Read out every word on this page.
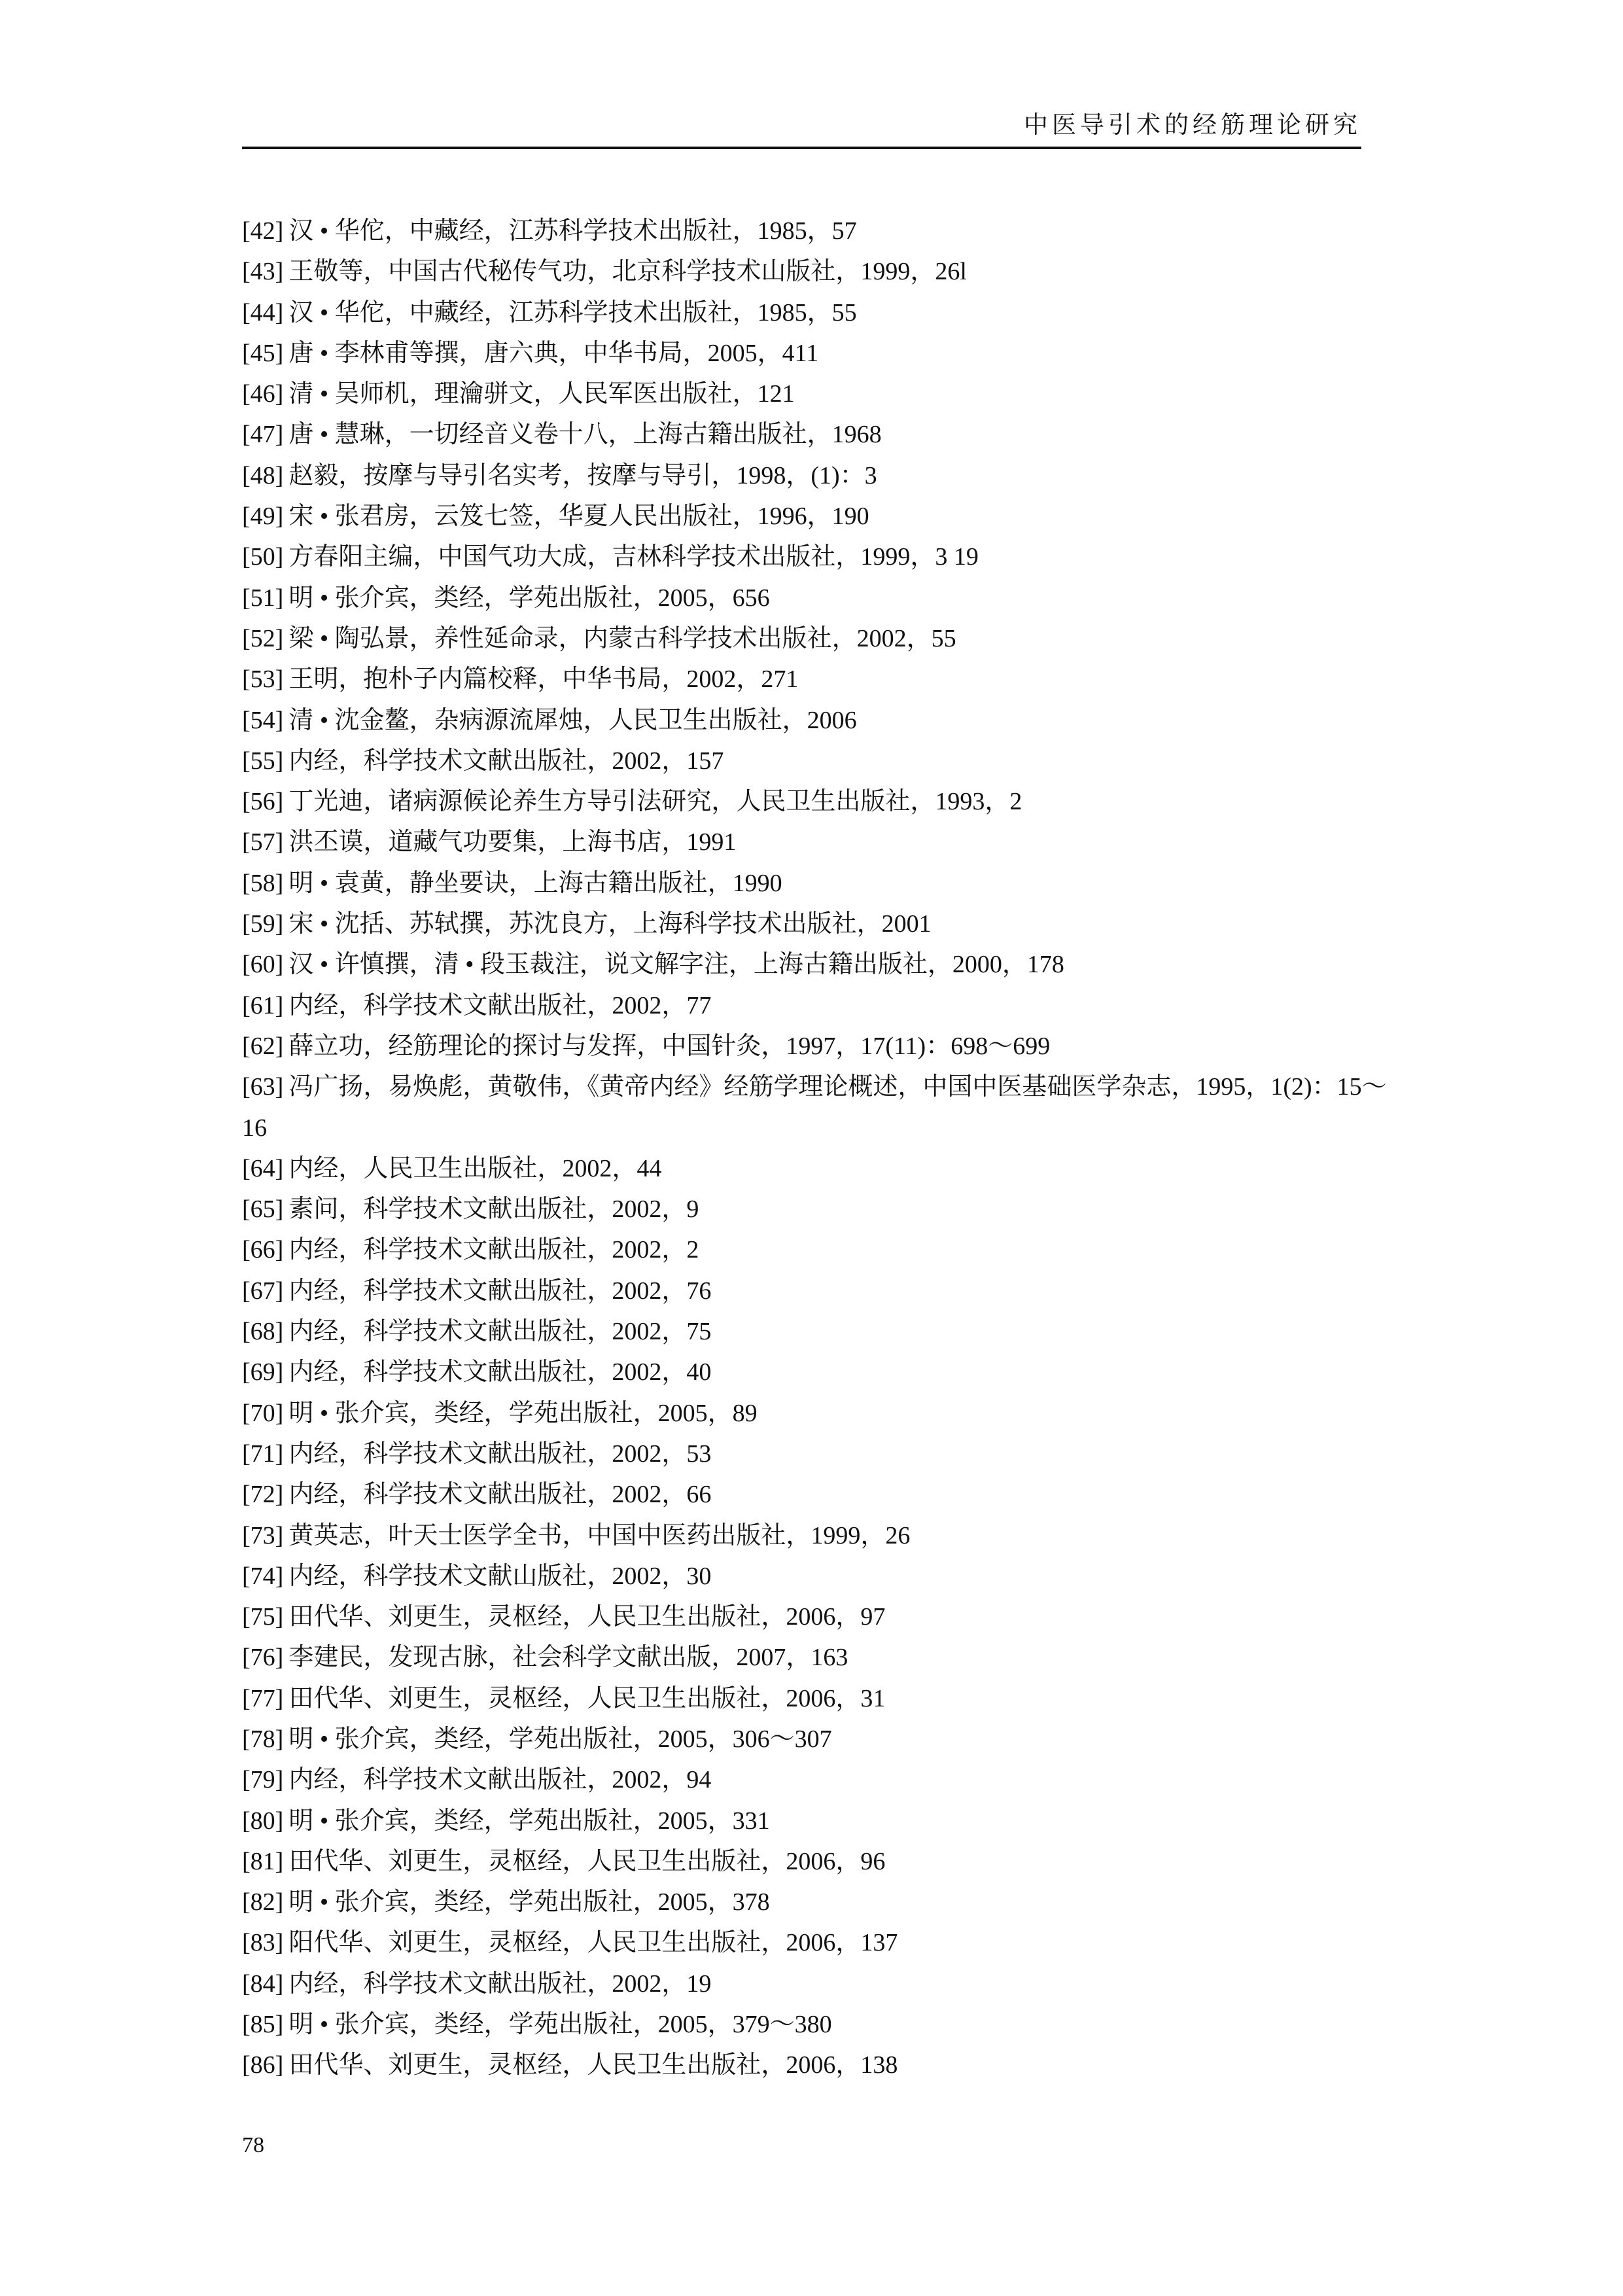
中医导引术的经筋理论研究
[42] 汉 • 华佗，中藏经，江苏科学技术出版社，1985，57
[43] 王敬等，中国古代秘传气功，北京科学技术山版社，1999，26l
[44] 汉 • 华佗，中藏经，江苏科学技术出版社，1985，55
[45] 唐 • 李林甫等撰，唐六典，中华书局，2005，411
[46] 清 • 吴师机，理瀹骈文，人民军医出版社，121
[47] 唐 • 慧琳，一切经音义卷十八，上海古籍出版社，1968
[48] 赵毅，按摩与导引名实考，按摩与导引，1998，(1)：3
[49] 宋 • 张君房，云笈七签，华夏人民出版社，1996，190
[50] 方春阳主编，中国气功大成，吉林科学技术出版社，1999，3 19
[51] 明 • 张介宾，类经，学苑出版社，2005，656
[52] 梁 • 陶弘景，养性延命录，内蒙古科学技术出版社，2002，55
[53] 王明，抱朴子内篇校释，中华书局，2002，271
[54] 清 • 沈金鳌，杂病源流犀烛，人民卫生出版社，2006
[55] 内经，科学技术文献出版社，2002，157
[56] 丁光迪，诸病源候论养生方导引法研究，人民卫生出版社，1993，2
[57] 洪丕谟，道藏气功要集，上海书店，1991
[58] 明 • 袁黄，静坐要诀，上海古籍出版社，1990
[59] 宋 • 沈括、苏轼撰，苏沈良方，上海科学技术出版社，2001
[60] 汉 • 许慎撰，清 • 段玉裁注，说文解字注，上海古籍出版社，2000，178
[61] 内经，科学技术文献出版社，2002，77
[62] 薛立功，经筋理论的探讨与发挥，中国针灸，1997，17(11)：698～699
[63] 冯广扬，易焕彪，黄敬伟，《黄帝内经》经筋学理论概述，中国中医基础医学杂志，1995，1(2)：15～16
[64] 内经，人民卫生出版社，2002，44
[65] 素问，科学技术文献出版社，2002，9
[66] 内经，科学技术文献出版社，2002，2
[67] 内经，科学技术文献出版社，2002，76
[68] 内经，科学技术文献出版社，2002，75
[69] 内经，科学技术文献出版社，2002，40
[70] 明 • 张介宾，类经，学苑出版社，2005，89
[71] 内经，科学技术文献出版社，2002，53
[72] 内经，科学技术文献出版社，2002，66
[73] 黄英志，叶天士医学全书，中国中医药出版社，1999，26
[74] 内经，科学技术文献山版社，2002，30
[75] 田代华、刘更生，灵枢经，人民卫生出版社，2006，97
[76] 李建民，发现古脉，社会科学文献出版，2007，163
[77] 田代华、刘更生，灵枢经，人民卫生出版社，2006，31
[78] 明 • 张介宾，类经，学苑出版社，2005，306～307
[79] 内经，科学技术文献出版社，2002，94
[80] 明 • 张介宾，类经，学苑出版社，2005，331
[81] 田代华、刘更生，灵枢经，人民卫生出版社，2006，96
[82] 明 • 张介宾，类经，学苑出版社，2005，378
[83] 阳代华、刘更生，灵枢经，人民卫生出版社，2006，137
[84] 内经，科学技术文献出版社，2002，19
[85] 明 • 张介宾，类经，学苑出版社，2005，379～380
[86] 田代华、刘更生，灵枢经，人民卫生出版社，2006，138
78
